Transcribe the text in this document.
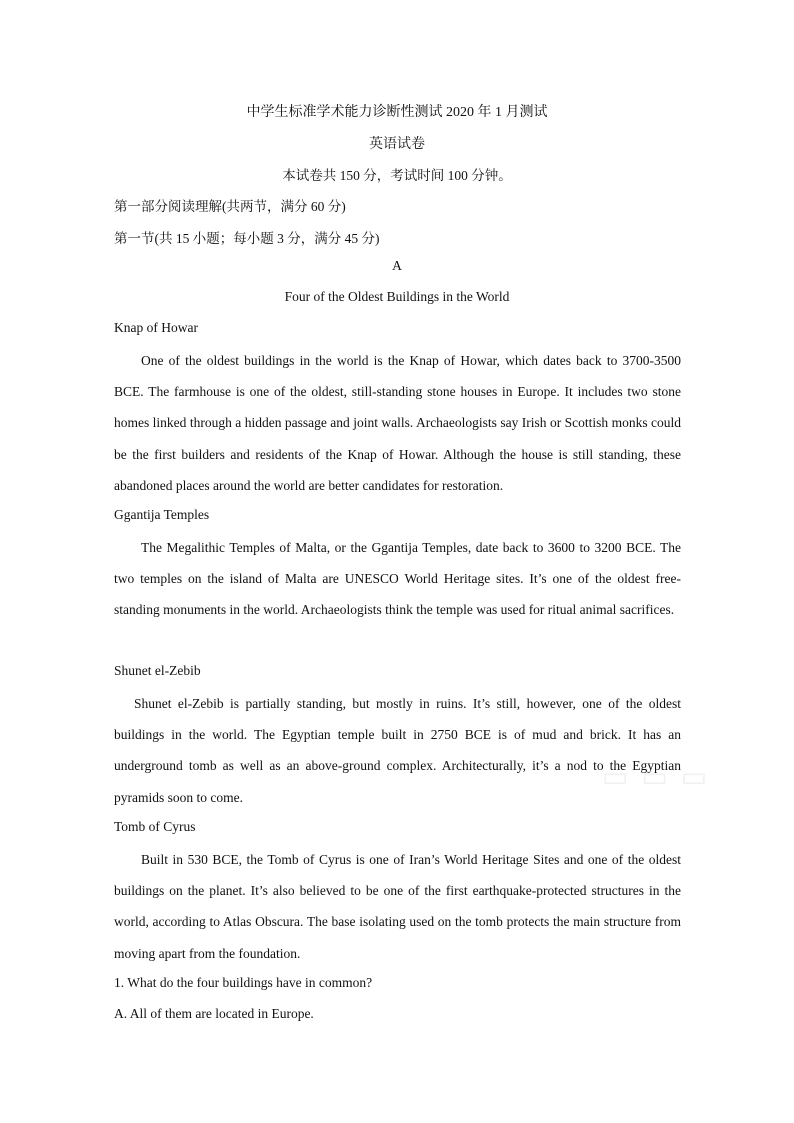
中学生标准学术能力诊断性测试 2020 年 1 月测试
英语试卷
本试卷共 150 分，考试时间 100 分钟。
第一部分阅读理解(共两节，满分 60 分)
第一节(共 15 小题；每小题 3 分，满分 45 分)
A
Four of the Oldest Buildings in the World
Knap of Howar
One of the oldest buildings in the world is the Knap of Howar, which dates back to 3700-3500 BCE. The farmhouse is one of the oldest, still-standing stone houses in Europe. It includes two stone homes linked through a hidden passage and joint walls. Archaeologists say Irish or Scottish monks could be the first builders and residents of the Knap of Howar. Although the house is still standing, these abandoned places around the world are better candidates for restoration.
Ggantija Temples
The Megalithic Temples of Malta, or the Ggantija Temples, date back to 3600 to 3200 BCE. The two temples on the island of Malta are UNESCO World Heritage sites. It’s one of the oldest free-standing monuments in the world. Archaeologists think the temple was used for ritual animal sacrifices.
Shunet el-Zebib
Shunet el-Zebib is partially standing, but mostly in ruins. It’s still, however, one of the oldest buildings in the world. The Egyptian temple built in 2750 BCE is of mud and brick. It has an underground tomb as well as an above-ground complex. Architecturally, it’s a nod to the Egyptian pyramids soon to come.
Tomb of Cyrus
Built in 530 BCE, the Tomb of Cyrus is one of Iran’s World Heritage Sites and one of the oldest buildings on the planet. It’s also believed to be one of the first earthquake-protected structures in the world, according to Atlas Obscura. The base isolating used on the tomb protects the main structure from moving apart from the foundation.
1. What do the four buildings have in common?
A. All of them are located in Europe.
▭ ▭ ▭
